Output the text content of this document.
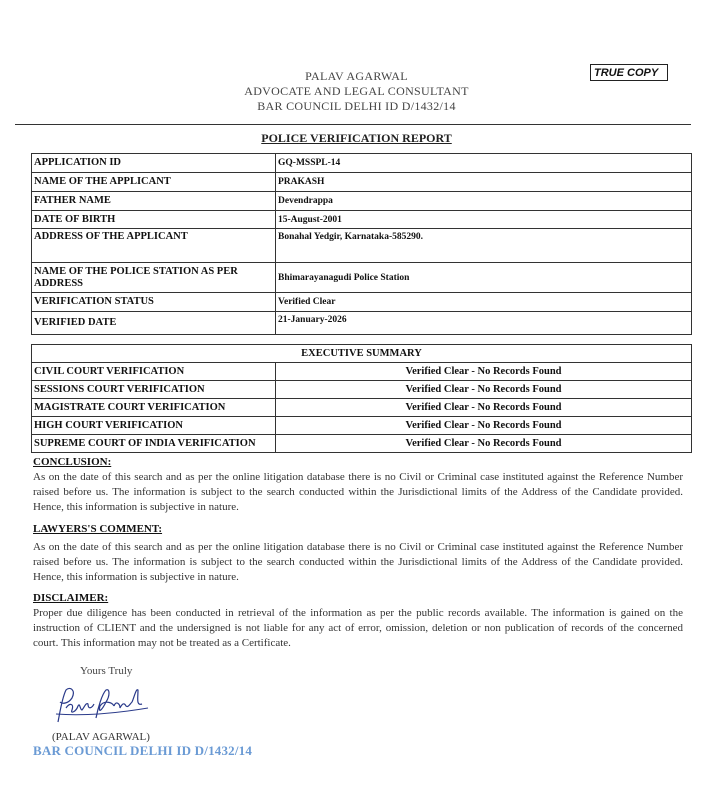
PALAV AGARWAL
ADVOCATE AND LEGAL CONSULTANT
BAR COUNCIL DELHI ID D/1432/14
TRUE COPY
POLICE VERIFICATION REPORT
APPLICATION ID	GQ-MSSPL-14
NAME OF THE APPLICANT	PRAKASH
FATHER NAME	Devendrappa
DATE OF BIRTH	15-August-2001
ADDRESS OF THE APPLICANT	Bonahal Yedgir, Karnataka-585290.
NAME OF THE POLICE STATION AS PER ADDRESS	Bhimarayanagudi Police Station
VERIFICATION STATUS	Verified Clear
VERIFIED DATE	21-January-2026
EXECUTIVE SUMMARY	
CIVIL COURT VERIFICATION	Verified Clear - No Records Found
SESSIONS COURT VERIFICATION	Verified Clear - No Records Found
MAGISTRATE COURT VERIFICATION	Verified Clear - No Records Found
HIGH COURT VERIFICATION	Verified Clear - No Records Found
SUPREME COURT OF INDIA VERIFICATION	Verified Clear - No Records Found
CONCLUSION:
As on the date of this search and as per the online litigation database there is no Civil or Criminal case instituted against the Reference Number raised before us. The information is subject to the search conducted within the Jurisdictional limits of the Address of the Candidate provided. Hence, this information is subjective in nature.
LAWYERS'S COMMENT:
As on the date of this search and as per the online litigation database there is no Civil or Criminal case instituted against the Reference Number raised before us. The information is subject to the search conducted within the Jurisdictional limits of the Address of the Candidate provided. Hence, this information is subjective in nature.
DISCLAIMER:
Proper due diligence has been conducted in retrieval of the information as per the public records available. The information is gained on the instruction of CLIENT and the undersigned is not liable for any act of error, omission, deletion or non publication of records of the concerned court. This information may not be treated as a Certificate.
Yours Truly
(PALAV AGARWAL)
BAR COUNCIL DELHI ID D/1432/14
